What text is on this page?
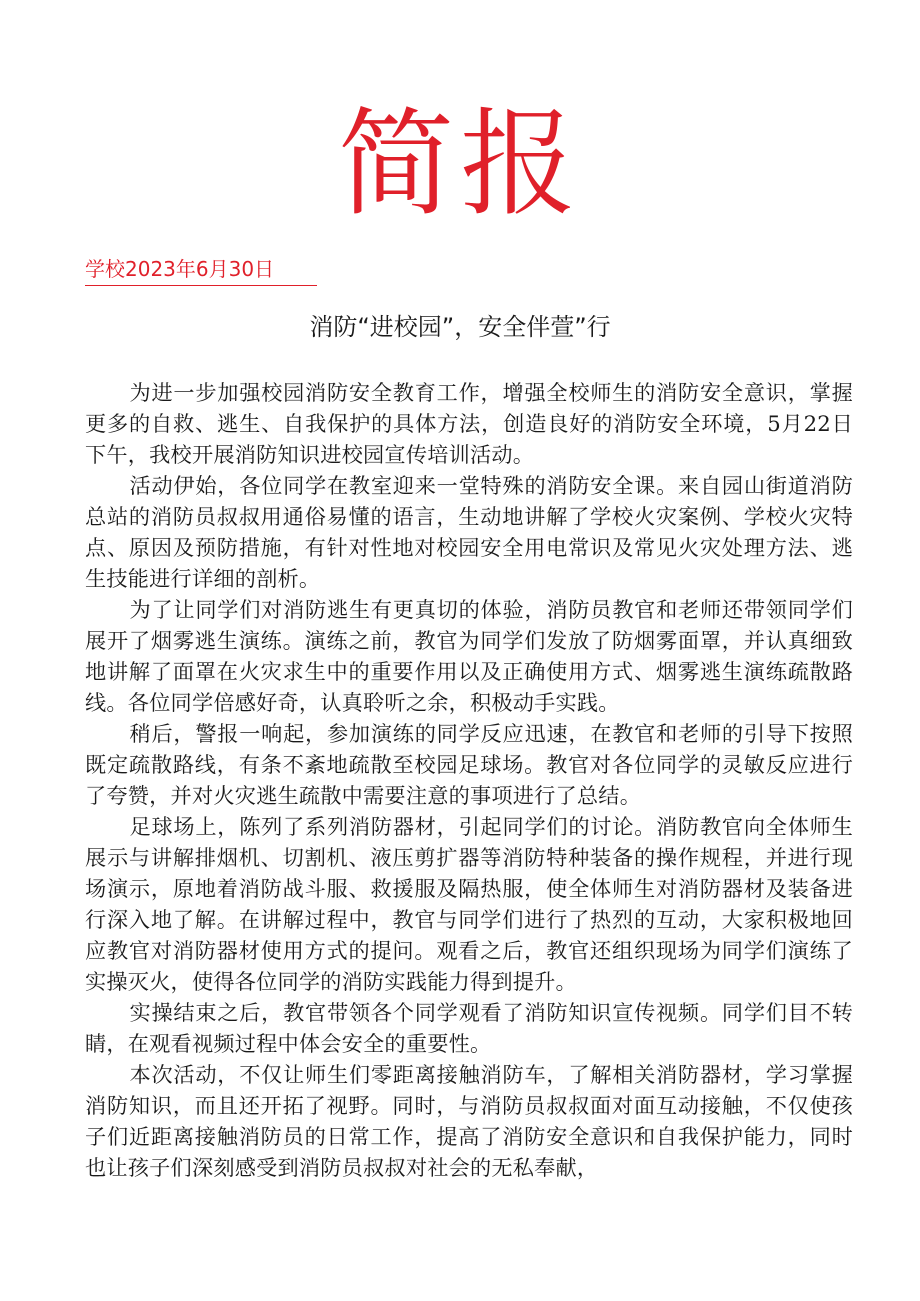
简报
学校2023年6月30日
消防“进校园”，安全伴萱”行

为进一步加强校园消防安全教育工作，增强全校师生的消防安全意识，掌握更多的自救、逃生、自我保护的具体方法，创造良好的消防安全环境，5月22日下午，我校开展消防知识进校园宣传培训活动。

活动伊始，各位同学在教室迎来一堂特殊的消防安全课。来自园山街道消防总站的消防员叔叔用通俗易懂的语言，生动地讲解了学校火灾案例、学校火灾特点、原因及预防措施，有针对性地对校园安全用电常识及常见火灾处理方法、逃生技能进行详细的剖析。

为了让同学们对消防逃生有更真切的体验，消防员教官和老师还带领同学们展开了烟雾逃生演练。演练之前，教官为同学们发放了防烟雾面罩，并认真细致地讲解了面罩在火灾求生中的重要作用以及正确使用方式、烟雾逃生演练疏散路线。各位同学倍感好奇，认真聆听之余，积极动手实践。

稍后，警报一响起，参加演练的同学反应迅速，在教官和老师的引导下按照既定疏散路线，有条不紊地疏散至校园足球场。教官对各位同学的灵敏反应进行了夸赞，并对火灾逃生疏散中需要注意的事项进行了总结。

足球场上，陈列了系列消防器材，引起同学们的讨论。消防教官向全体师生展示与讲解排烟机、切割机、液压剪扩器等消防特种装备的操作规程，并进行现场演示，原地着消防战斗服、救援服及隔热服，使全体师生对消防器材及装备进行深入地了解。在讲解过程中，教官与同学们进行了热烈的互动，大家积极地回应教官对消防器材使用方式的提问。观看之后，教官还组织现场为同学们演练了实操灭火，使得各位同学的消防实践能力得到提升。

实操结束之后，教官带领各个同学观看了消防知识宣传视频。同学们目不转睛，在观看视频过程中体会安全的重要性。

本次活动，不仅让师生们零距离接触消防车，了解相关消防器材，学习掌握消防知识，而且还开拓了视野。同时，与消防员叔叔面对面互动接触，不仅使孩子们近距离接触消防员的日常工作，提高了消防安全意识和自我保护能力，同时也让孩子们深刻感受到消防员叔叔对社会的无私奉献，
